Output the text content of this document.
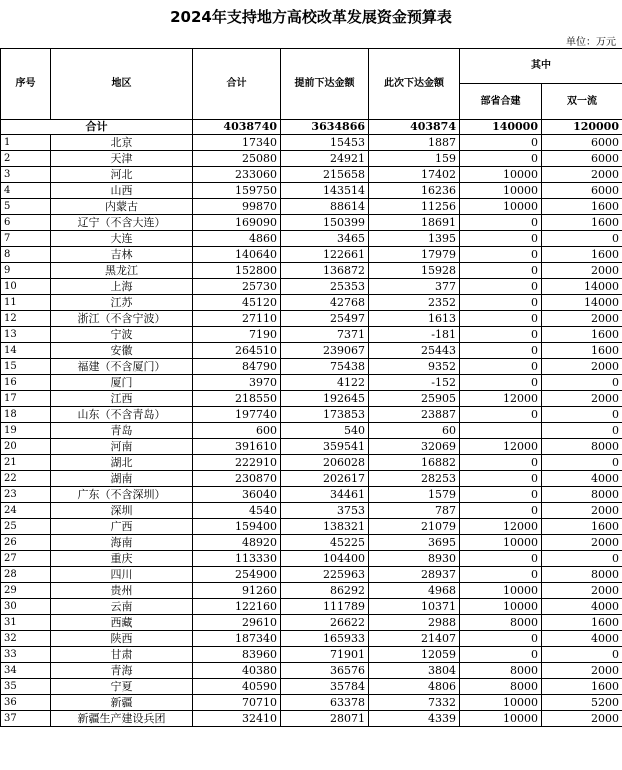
2024年支持地方高校改革发展资金预算表
单位：万元
序号	地区	合计	提前下达金额	此次下达金额	其中	
					部省合建	双一流
合计		4038740	3634866	403874	140000	120000
1	北京	17340	15453	1887	0	6000
2	天津	25080	24921	159	0	6000
3	河北	233060	215658	17402	10000	2000
4	山西	159750	143514	16236	10000	6000
5	内蒙古	99870	88614	11256	10000	1600
6	辽宁（不含大连）	169090	150399	18691	0	1600
7	大连	4860	3465	1395	0	0
8	吉林	140640	122661	17979	0	1600
9	黑龙江	152800	136872	15928	0	2000
10	上海	25730	25353	377	0	14000
11	江苏	45120	42768	2352	0	14000
12	浙江（不含宁波）	27110	25497	1613	0	2000
13	宁波	7190	7371	-181	0	1600
14	安徽	264510	239067	25443	0	1600
15	福建（不含厦门）	84790	75438	9352	0	2000
16	厦门	3970	4122	-152	0	0
17	江西	218550	192645	25905	12000	2000
18	山东（不含青岛）	197740	173853	23887	0	0
19	青岛	600	540	60		0
20	河南	391610	359541	32069	12000	8000
21	湖北	222910	206028	16882	0	0
22	湖南	230870	202617	28253	0	4000
23	广东（不含深圳）	36040	34461	1579	0	8000
24	深圳	4540	3753	787	0	2000
25	广西	159400	138321	21079	12000	1600
26	海南	48920	45225	3695	10000	2000
27	重庆	113330	104400	8930	0	0
28	四川	254900	225963	28937	0	8000
29	贵州	91260	86292	4968	10000	2000
30	云南	122160	111789	10371	10000	4000
31	西藏	29610	26622	2988	8000	1600
32	陕西	187340	165933	21407	0	4000
33	甘肃	83960	71901	12059	0	0
34	青海	40380	36576	3804	8000	2000
35	宁夏	40590	35784	4806	8000	1600
36	新疆	70710	63378	7332	10000	5200
37	新疆生产建设兵团	32410	28071	4339	10000	2000
